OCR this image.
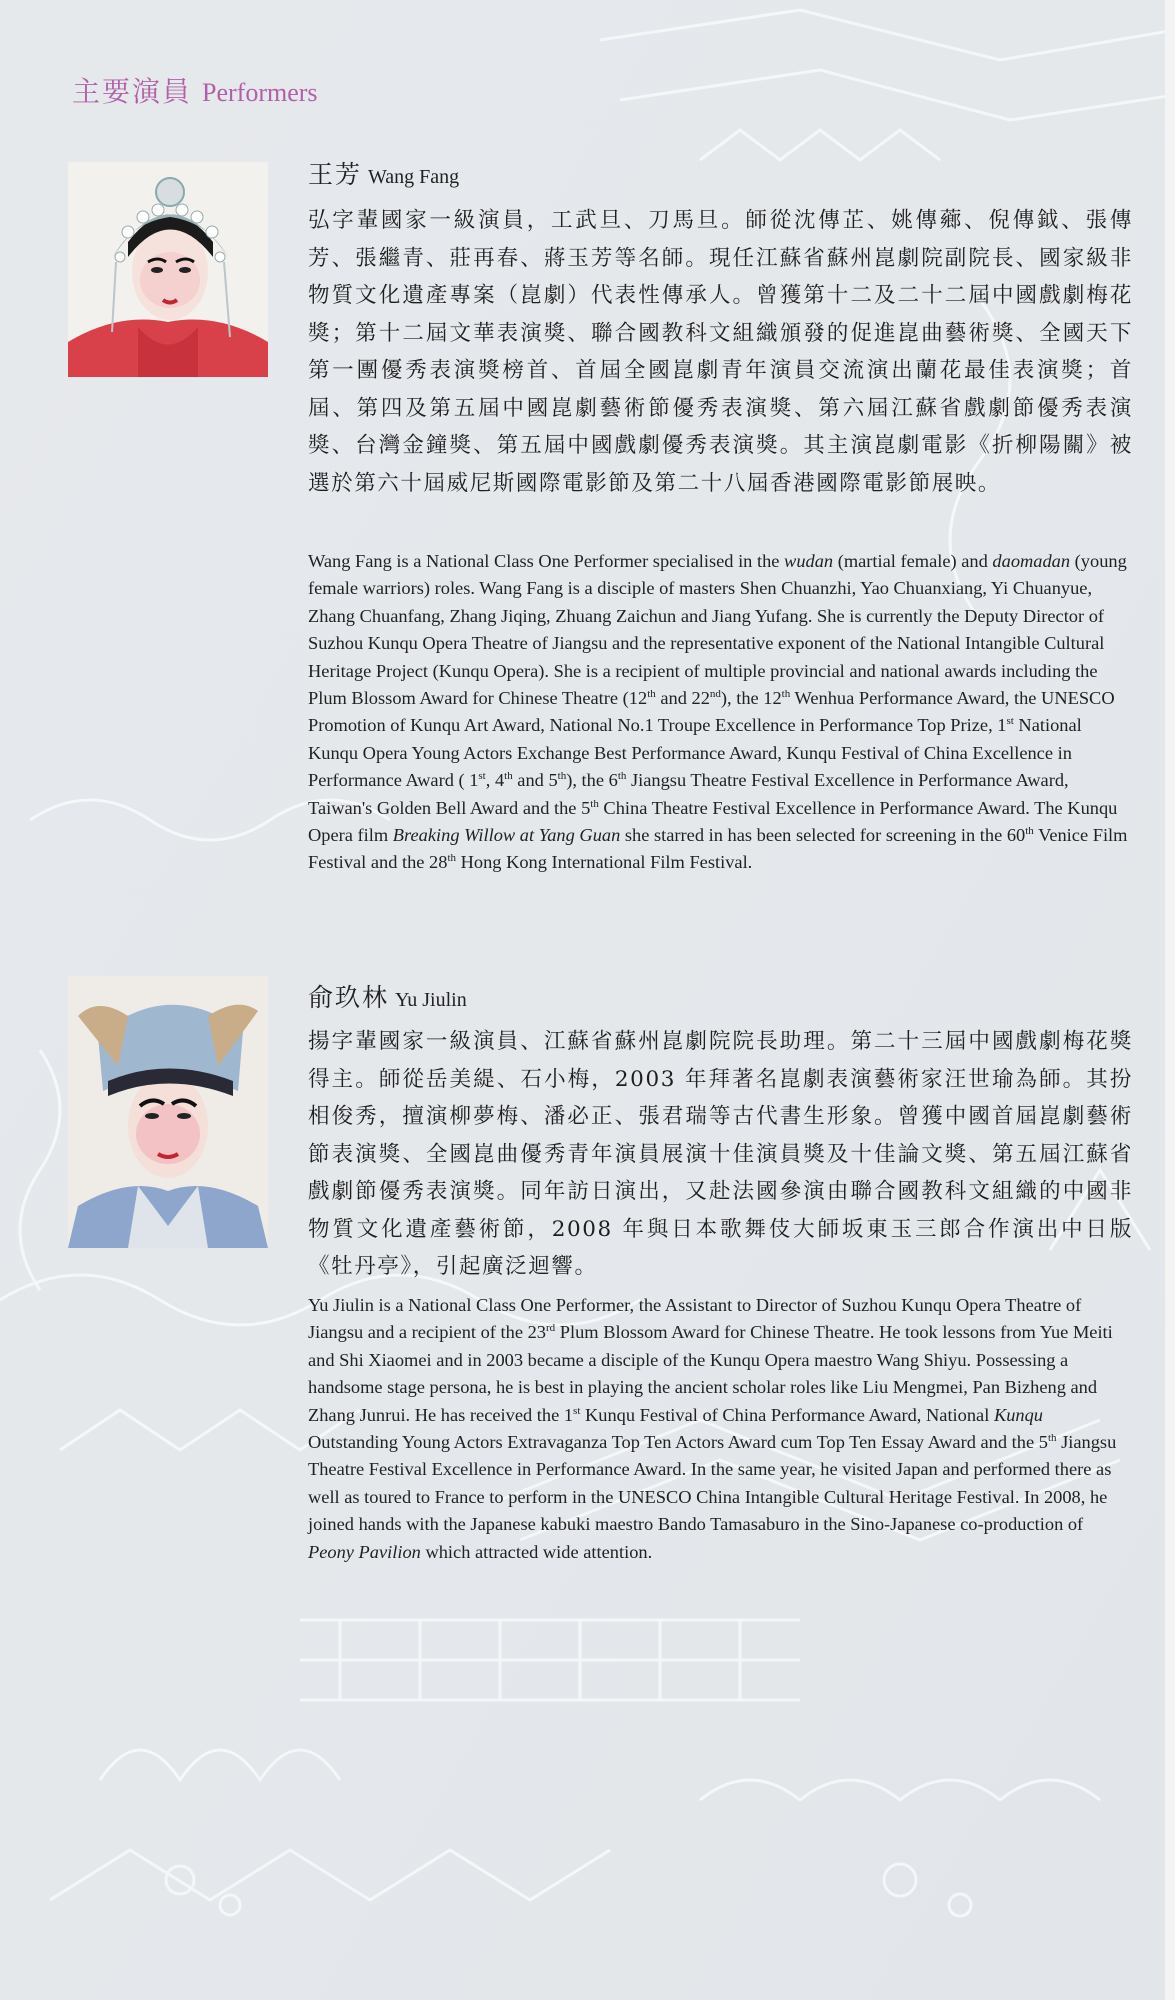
主要演員 Performers
王芳 Wang Fang
弘字輩國家一級演員，工武旦、刀馬旦。師從沈傳芷、姚傳薌、倪傳鉞、張傳芳、張繼青、莊再春、蔣玉芳等名師。現任江蘇省蘇州崑劇院副院長、國家級非物質文化遺產專案（崑劇）代表性傳承人。曾獲第十二及二十二屆中國戲劇梅花獎；第十二屆文華表演獎、聯合國教科文組織頒發的促進崑曲藝術獎、全國天下第一團優秀表演獎榜首、首屆全國崑劇青年演員交流演出蘭花最佳表演獎；首屆、第四及第五屆中國崑劇藝術節優秀表演獎、第六屆江蘇省戲劇節優秀表演獎、台灣金鐘獎、第五屆中國戲劇優秀表演獎。其主演崑劇電影《折柳陽關》被選於第六十屆威尼斯國際電影節及第二十八屆香港國際電影節展映。

Wang Fang is a National Class One Performer specialised in the wudan (martial female) and daomadan (young female warriors) roles. Wang Fang is a disciple of masters Shen Chuanzhi, Yao Chuanxiang, Yi Chuanyue, Zhang Chuanfang, Zhang Jiqing, Zhuang Zaichun and Jiang Yufang. She is currently the Deputy Director of Suzhou Kunqu Opera Theatre of Jiangsu and the representative exponent of the National Intangible Cultural Heritage Project (Kunqu Opera). She is a recipient of multiple provincial and national awards including the Plum Blossom Award for Chinese Theatre (12th and 22nd), the 12th Wenhua Performance Award, the UNESCO Promotion of Kunqu Art Award, National No.1 Troupe Excellence in Performance Top Prize, 1st National Kunqu Opera Young Actors Exchange Best Performance Award, Kunqu Festival of China Excellence in Performance Award ( 1st, 4th and 5th), the 6th Jiangsu Theatre Festival Excellence in Performance Award, Taiwan's Golden Bell Award and the 5th China Theatre Festival Excellence in Performance Award. The Kunqu Opera film Breaking Willow at Yang Guan she starred in has been selected for screening in the 60th Venice Film Festival and the 28th Hong Kong International Film Festival.

俞玖林 Yu Jiulin
揚字輩國家一級演員、江蘇省蘇州崑劇院院長助理。第二十三屆中國戲劇梅花獎得主。師從岳美緹、石小梅，2003 年拜著名崑劇表演藝術家汪世瑜為師。其扮相俊秀，擅演柳夢梅、潘必正、張君瑞等古代書生形象。曾獲中國首屆崑劇藝術節表演獎、全國崑曲優秀青年演員展演十佳演員獎及十佳論文獎、第五屆江蘇省戲劇節優秀表演獎。同年訪日演出，又赴法國參演由聯合國教科文組織的中國非物質文化遺產藝術節，2008 年與日本歌舞伎大師坂東玉三郎合作演出中日版《牡丹亭》，引起廣泛迴響。

Yu Jiulin is a National Class One Performer, the Assistant to Director of Suzhou Kunqu Opera Theatre of Jiangsu and a recipient of the 23rd Plum Blossom Award for Chinese Theatre. He took lessons from Yue Meiti and Shi Xiaomei and in 2003 became a disciple of the Kunqu Opera maestro Wang Shiyu. Possessing a handsome stage persona, he is best in playing the ancient scholar roles like Liu Mengmei, Pan Bizheng and Zhang Junrui. He has received the 1st Kunqu Festival of China Performance Award, National Kunqu Outstanding Young Actors Extravaganza Top Ten Actors Award cum Top Ten Essay Award and the 5th Jiangsu Theatre Festival Excellence in Performance Award. In the same year, he visited Japan and performed there as well as toured to France to perform in the UNESCO China Intangible Cultural Heritage Festival. In 2008, he joined hands with the Japanese kabuki maestro Bando Tamasaburo in the Sino-Japanese co-production of Peony Pavilion which attracted wide attention.
